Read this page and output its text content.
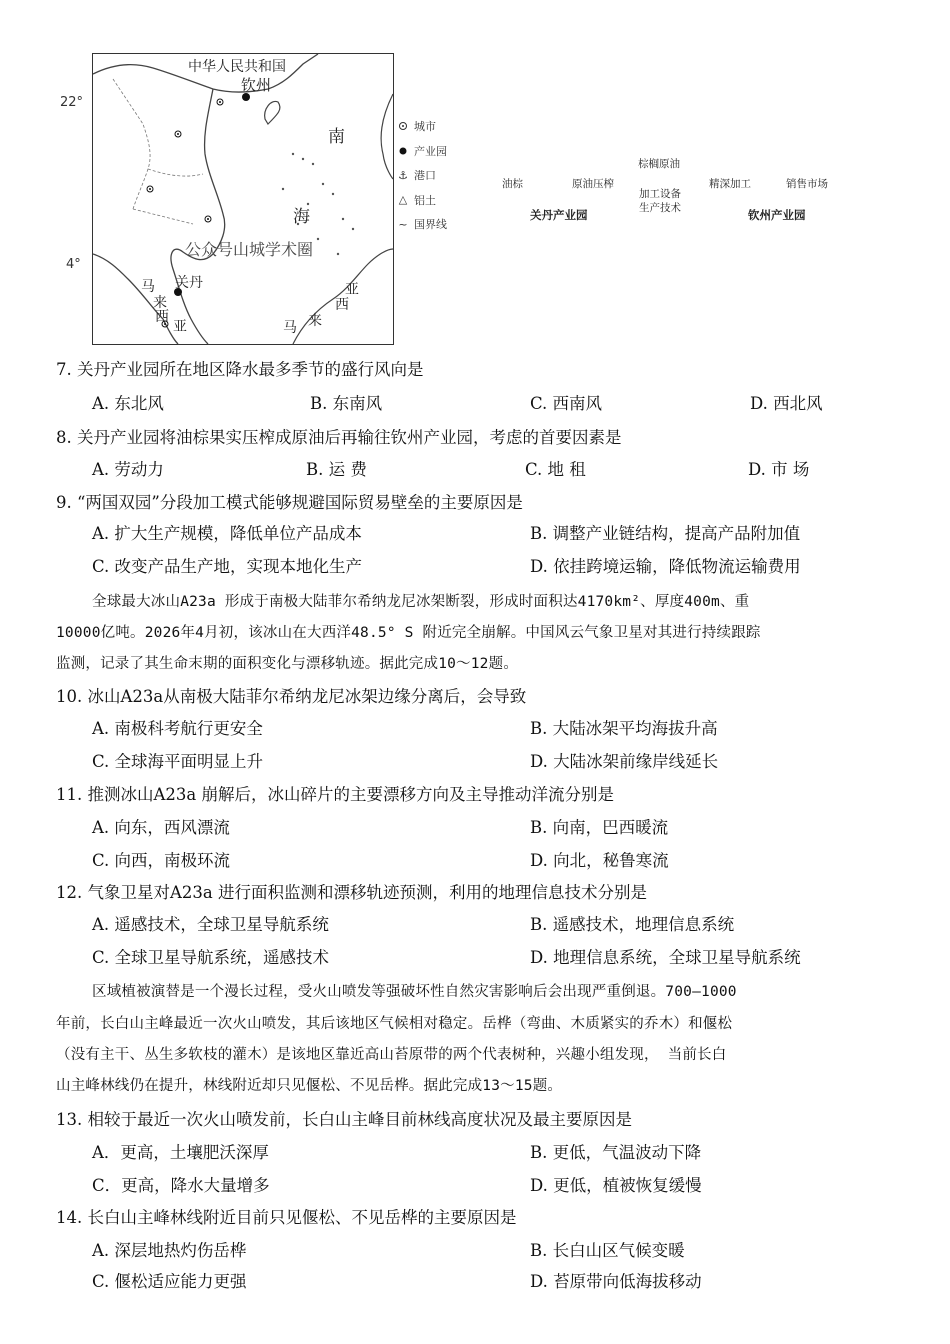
22°
4°
中华人民共和国
钦州
南
海
公众号山城学术圈
关丹
马
来
西
亚
亚
西
来
马
城市
产业园
⚓ 港口
△ 铝土
~ 国界线
油棕	原油压榨
棕榈原油
加工设备
生产技术
精深加工	销售市场
关丹产业园	钦州产业园
7. 关丹产业园所在地区降水最多季节的盛行风向是
A. 东北风	B. 东南风	C. 西南风	D. 西北风
8. 关丹产业园将油棕果实压榨成原油后再输往钦州产业园，考虑的首要因素是
A. 劳动力	B. 运 费	C. 地 租	D. 市 场
9. “两国双园”分段加工模式能够规避国际贸易壁垒的主要原因是
A. 扩大生产规模，降低单位产品成本	B. 调整产业链结构，提高产品附加值
C. 改变产品生产地，实现本地化生产	D. 依挂跨境运输，降低物流运输费用
全球最大冰山A23a 形成于南极大陆菲尔希纳龙尼冰架断裂，形成时面积达4170km²、厚度400m、重
10000亿吨。2026年4月初，该冰山在大西洋48.5° S 附近完全崩解。中国风云气象卫星对其进行持续跟踪
监测，记录了其生命末期的面积变化与漂移轨迹。据此完成10～12题。
10. 冰山A23a从南极大陆菲尔希纳龙尼冰架边缘分离后，会导致
A. 南极科考航行更安全	B. 大陆冰架平均海拔升高
C. 全球海平面明显上升	D. 大陆冰架前缘岸线延长
11. 推测冰山A23a 崩解后，冰山碎片的主要漂移方向及主导推动洋流分别是
A. 向东，西风漂流	B. 向南，巴西暖流
C. 向西，南极环流	D. 向北，秘鲁寒流
12. 气象卫星对A23a 进行面积监测和漂移轨迹预测，利用的地理信息技术分别是
A. 遥感技术，全球卫星导航系统	B. 遥感技术，地理信息系统
C. 全球卫星导航系统，遥感技术	D. 地理信息系统，全球卫星导航系统
区域植被演替是一个漫长过程，受火山喷发等强破坏性自然灾害影响后会出现严重倒退。700—1000
年前，长白山主峰最近一次火山喷发，其后该地区气候相对稳定。岳桦（弯曲、木质紧实的乔木）和偃松
（没有主干、丛生多软枝的灌木）是该地区靠近高山苔原带的两个代表树种，兴趣小组发现， 当前长白
山主峰林线仍在提升，林线附近却只见偃松、不见岳桦。据此完成13～15题。
13. 相较于最近一次火山喷发前，长白山主峰目前林线高度状况及最主要原因是
A．更高，土壤肥沃深厚	B. 更低，气温波动下降
C．更高，降水大量增多	D. 更低，植被恢复缓慢
14. 长白山主峰林线附近目前只见偃松、不见岳桦的主要原因是
A. 深层地热灼伤岳桦	B. 长白山区气候变暖
C. 偃松适应能力更强	D. 苔原带向低海拔移动
